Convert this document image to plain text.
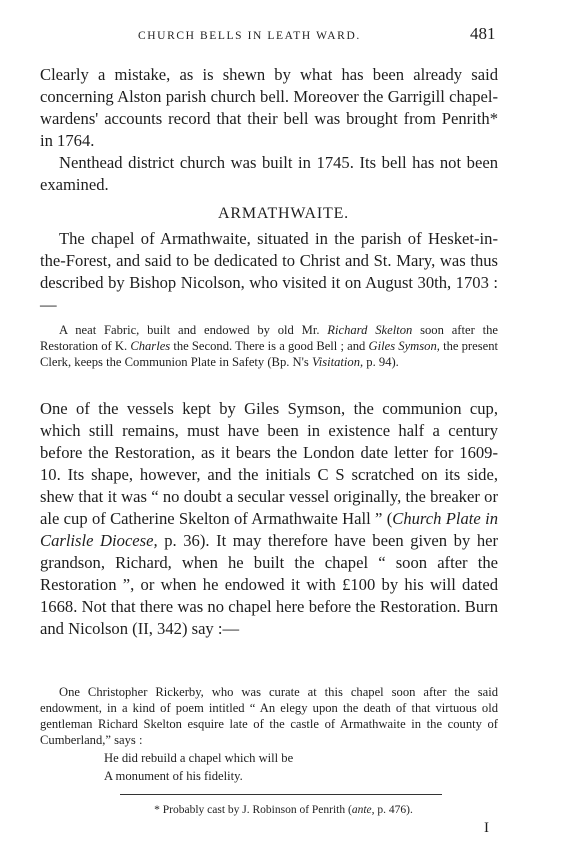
CHURCH BELLS IN LEATH WARD.	481

Clearly a mistake, as is shewn by what has been already said concerning Alston parish church bell. Moreover the Garrigill chapel-wardens' accounts record that their bell was brought from Penrith* in 1764.

Nenthead district church was built in 1745. Its bell has not been examined.

ARMATHWAITE.

The chapel of Armathwaite, situated in the parish of Hesket-in-the-Forest, and said to be dedicated to Christ and St. Mary, was thus described by Bishop Nicolson, who visited it on August 30th, 1703 :—

A neat Fabric, built and endowed by old Mr. Richard Skelton soon after the Restoration of K. Charles the Second. There is a good Bell ; and Giles Symson, the present Clerk, keeps the Communion Plate in Safety (Bp. N's Visitation, p. 94).

One of the vessels kept by Giles Symson, the communion cup, which still remains, must have been in existence half a century before the Restoration, as it bears the London date letter for 1609-10. Its shape, however, and the initials C S scratched on its side, shew that it was “ no doubt a secular vessel originally, the breaker or ale cup of Catherine Skelton of Armathwaite Hall ” (Church Plate in Carlisle Diocese, p. 36). It may therefore have been given by her grandson, Richard, when he built the chapel “ soon after the Restoration ”, or when he endowed it with £100 by his will dated 1668. Not that there was no chapel here before the Restoration. Burn and Nicolson (II, 342) say :—

One Christopher Rickerby, who was curate at this chapel soon after the said endowment, in a kind of poem intitled “ An elegy upon the death of that virtuous old gentleman Richard Skelton esquire late of the castle of Armathwaite in the county of Cumberland,” says :

He did rebuild a chapel which will be
A monument of his fidelity.
* Probably cast by J. Robinson of Penrith (ante, p. 476).
I
